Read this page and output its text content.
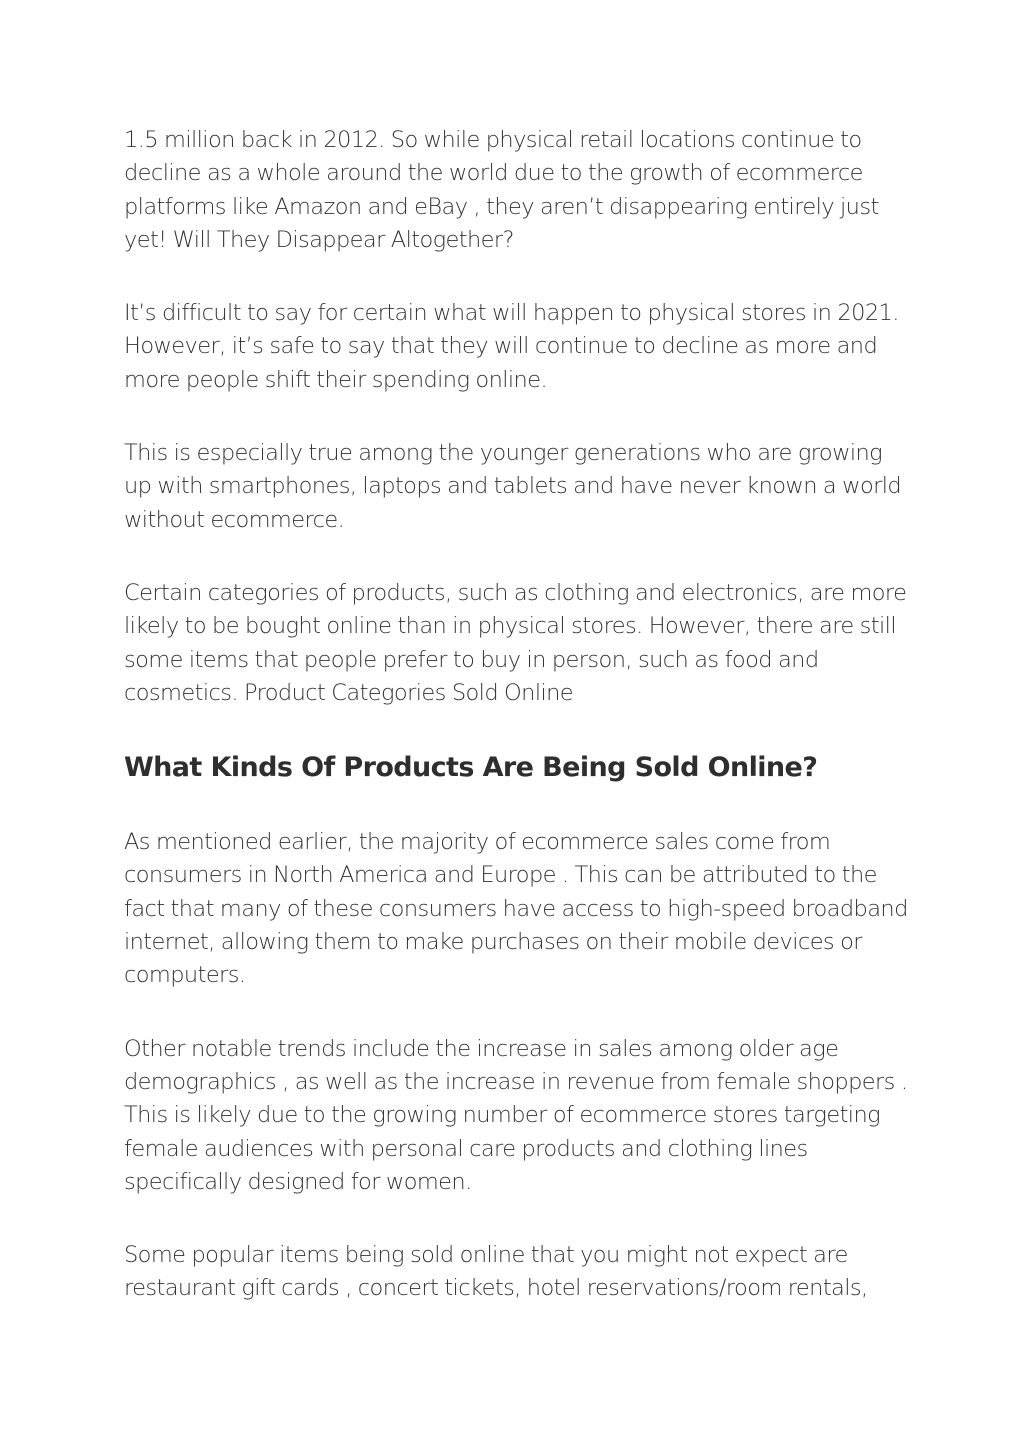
1.5 million back in 2012. So while physical retail locations continue to decline as a whole around the world due to the growth of ecommerce platforms like Amazon and eBay , they aren’t disappearing entirely just yet! Will They Disappear Altogether?

It’s difficult to say for certain what will happen to physical stores in 2021. However, it’s safe to say that they will continue to decline as more and more people shift their spending online.

This is especially true among the younger generations who are growing up with smartphones, laptops and tablets and have never known a world without ecommerce.

Certain categories of products, such as clothing and electronics, are more likely to be bought online than in physical stores. However, there are still some items that people prefer to buy in person, such as food and cosmetics. Product Categories Sold Online

What Kinds Of Products Are Being Sold Online?

As mentioned earlier, the majority of ecommerce sales come from consumers in North America and Europe . This can be attributed to the fact that many of these consumers have access to high-speed broadband internet, allowing them to make purchases on their mobile devices or computers.

Other notable trends include the increase in sales among older age demographics , as well as the increase in revenue from female shoppers . This is likely due to the growing number of ecommerce stores targeting female audiences with personal care products and clothing lines specifically designed for women.

Some popular items being sold online that you might not expect are restaurant gift cards , concert tickets, hotel reservations/room rentals,
